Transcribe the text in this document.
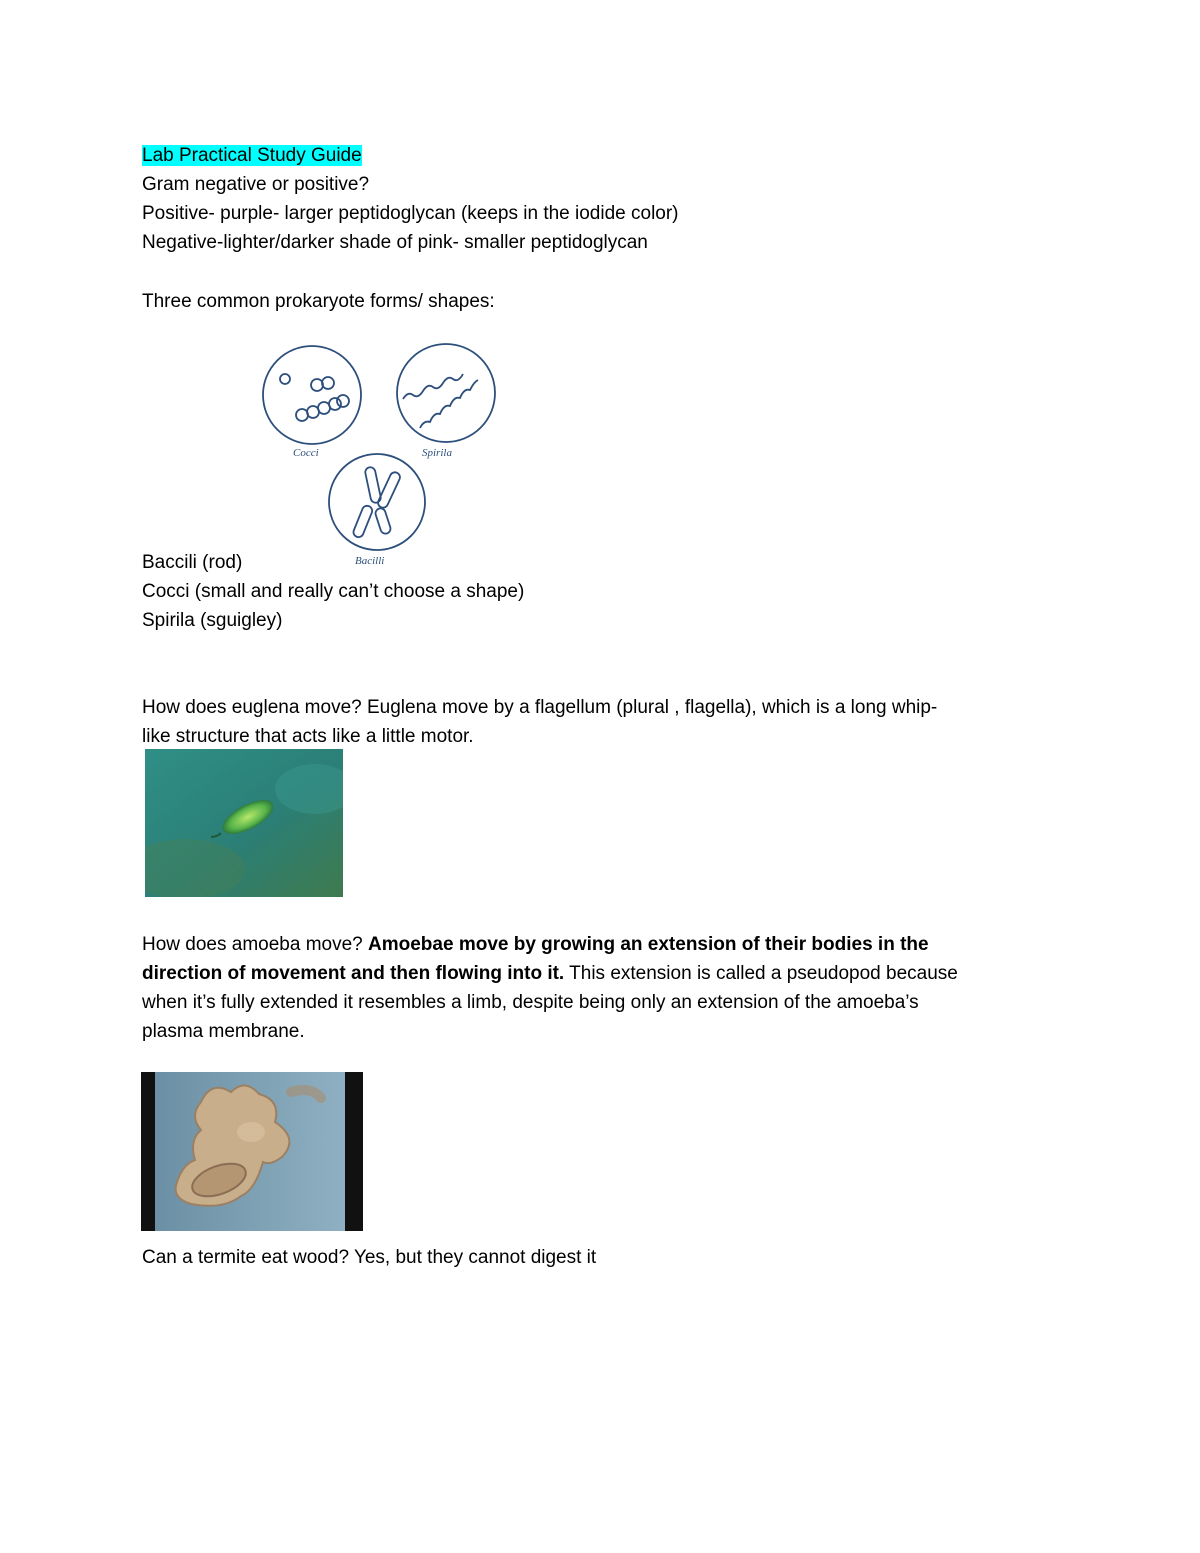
Lab Practical Study Guide
Gram negative or positive?
Positive- purple- larger peptidoglycan (keeps in the iodide color)
Negative-lighter/darker shade of pink- smaller peptidoglycan
Three common prokaryote forms/ shapes:
Cocci	Spirila
Bacilli
Baccili (rod)
Cocci (small and really can’t choose a shape)
Spirila (sguigley)
How does euglena move? Euglena move by a flagellum (plural , flagella), which is a long whip-
like structure that acts like a little motor.
How does amoeba move? Amoebae move by growing an extension of their bodies in the
direction of movement and then flowing into it. This extension is called a pseudopod because
when it’s fully extended it resembles a limb, despite being only an extension of the amoeba’s
plasma membrane.
Can a termite eat wood? Yes, but they cannot digest it
